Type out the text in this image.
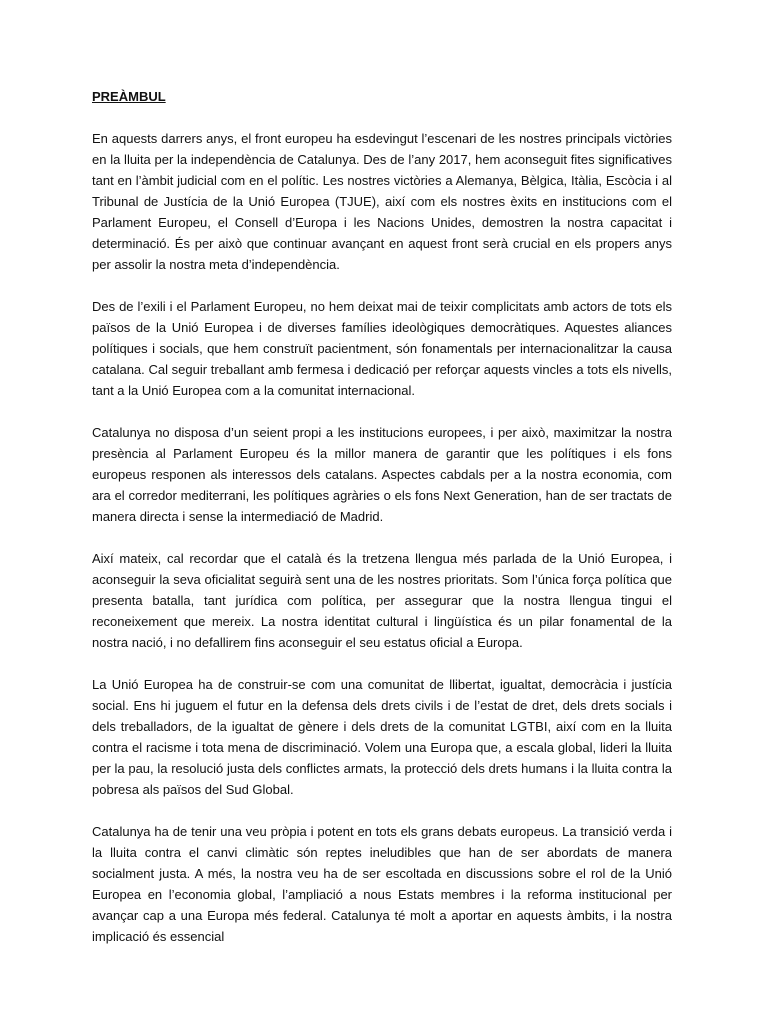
PREÀMBUL

En aquests darrers anys, el front europeu ha esdevingut l’escenari de les nostres principals victòries en la lluita per la independència de Catalunya. Des de l’any 2017, hem aconseguit fites significatives tant en l’àmbit judicial com en el polític. Les nostres victòries a Alemanya, Bèlgica, Itàlia, Escòcia i al Tribunal de Justícia de la Unió Europea (TJUE), així com els nostres èxits en institucions com el Parlament Europeu, el Consell d’Europa i les Nacions Unides, demostren la nostra capacitat i determinació. És per això que continuar avançant en aquest front serà crucial en els propers anys per assolir la nostra meta d’independència.

Des de l’exili i el Parlament Europeu, no hem deixat mai de teixir complicitats amb actors de tots els països de la Unió Europea i de diverses famílies ideològiques democràtiques. Aquestes aliances polítiques i socials, que hem construït pacientment, són fonamentals per internacionalitzar la causa catalana. Cal seguir treballant amb fermesa i dedicació per reforçar aquests vincles a tots els nivells, tant a la Unió Europea com a la comunitat internacional.

Catalunya no disposa d’un seient propi a les institucions europees, i per això, maximitzar la nostra presència al Parlament Europeu és la millor manera de garantir que les polítiques i els fons europeus responen als interessos dels catalans. Aspectes cabdals per a la nostra economia, com ara el corredor mediterrani, les polítiques agràries o els fons Next Generation, han de ser tractats de manera directa i sense la intermediació de Madrid.

Així mateix, cal recordar que el català és la tretzena llengua més parlada de la Unió Europea, i aconseguir la seva oficialitat seguirà sent una de les nostres prioritats. Som l’única força política que presenta batalla, tant jurídica com política, per assegurar que la nostra llengua tingui el reconeixement que mereix. La nostra identitat cultural i lingüística és un pilar fonamental de la nostra nació, i no defallirem fins aconseguir el seu estatus oficial a Europa.

La Unió Europea ha de construir-se com una comunitat de llibertat, igualtat, democràcia i justícia social. Ens hi juguem el futur en la defensa dels drets civils i de l’estat de dret, dels drets socials i dels treballadors, de la igualtat de gènere i dels drets de la comunitat LGTBI, així com en la lluita contra el racisme i tota mena de discriminació. Volem una Europa que, a escala global, lideri la lluita per la pau, la resolució justa dels conflictes armats, la protecció dels drets humans i la lluita contra la pobresa als països del Sud Global.

Catalunya ha de tenir una veu pròpia i potent en tots els grans debats europeus. La transició verda i la lluita contra el canvi climàtic són reptes ineludibles que han de ser abordats de manera socialment justa. A més, la nostra veu ha de ser escoltada en discussions sobre el rol de la Unió Europea en l’economia global, l’ampliació a nous Estats membres i la reforma institucional per avançar cap a una Europa més federal. Catalunya té molt a aportar en aquests àmbits, i la nostra implicació és essencial
